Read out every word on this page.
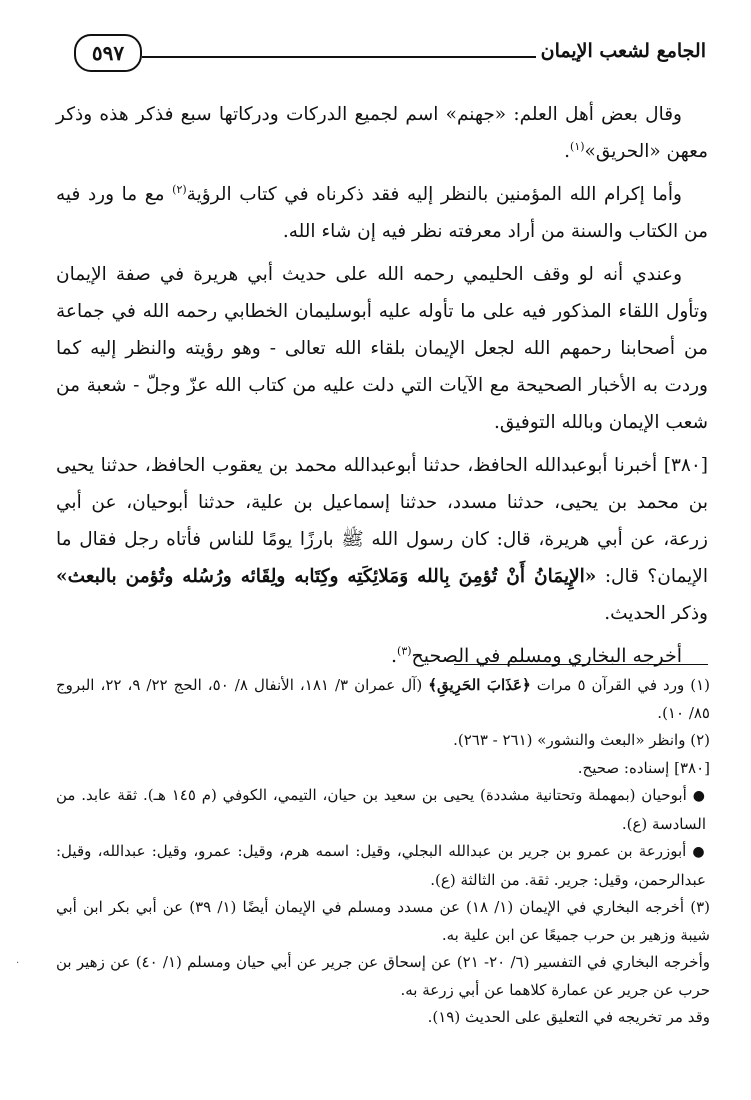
الجامع لشعب الإيمان
٥٩٧

وقال بعض أهل العلم: «جهنم» اسم لجميع الدركات ودركاتها سبع فذكر هذه وذكر معهن «الحريق»$^{(١)}$.

وأما إكرام الله المؤمنين بالنظر إليه فقد ذكرناه في كتاب الرؤية$^{(٢)}$ مع ما ورد فيه من الكتاب والسنة من أراد معرفته نظر فيه إن شاء الله.

وعندي أنه لو وقف الحليمي رحمه الله على حديث أبي هريرة في صفة الإيمان وتأول اللقاء المذكور فيه على ما تأوله عليه أبوسليمان الخطابي رحمه الله في جماعة من أصحابنا رحمهم الله لجعل الإيمان بلقاء الله تعالى - وهو رؤيته والنظر إليه كما وردت به الأخبار الصحيحة مع الآيات التي دلت عليه من كتاب الله عزّ وجلّ - شعبة من شعب الإيمان وبالله التوفيق.

[٣٨٠] أخبرنا أبوعبدالله الحافظ، حدثنا أبوعبدالله محمد بن يعقوب الحافظ، حدثنا يحيى بن محمد بن يحيى، حدثنا مسدد، حدثنا إسماعيل بن علية، حدثنا أبوحيان، عن أبي زرعة، عن أبي هريرة، قال: كان رسول الله ﷺ بارزًا يومًا للناس فأتاه رجل فقال ما الإيمان؟ قال: «الإِيمَانُ أَنْ تُؤمِنَ بِالله وَمَلائِكَتِه وكِتَابه ولِقَائه ورُسُله وتُؤمن بالبعث» وذكر الحديث.

أخرجه البخاري ومسلم في الصحيح$^{(٣)}$.

(١) ورد في القرآن ٥ مرات ﴿عَذَابَ الحَرِيقِ﴾ (آل عمران ٣/ ١٨١، الأنفال ٨/ ٥٠، الحج ٢٢/ ٩، ٢٢، البروج ٨٥/ ١٠).

(٢) وانظر «البعث والنشور» (٢٦١ - ٢٦٣).

[٣٨٠] إسناده: صحيح.

●أبوحيان (بمهملة وتحتانية مشددة) يحيى بن سعيد بن حيان، التيمي، الكوفي (م ١٤٥ هـ). ثقة عابد. من السادسة (ع).

●أبوزرعة بن عمرو بن جرير بن عبدالله البجلي، وقيل: اسمه هرم، وقيل: عمرو، وقيل: عبدالله، وقيل: عبدالرحمن، وقيل: جرير. ثقة. من الثالثة (ع).

(٣) أخرجه البخاري في الإيمان (١/ ١٨) عن مسدد ومسلم في الإيمان أيضًا (١/ ٣٩) عن أبي بكر ابن أبي شيبة وزهير بن حرب جميعًا عن ابن علية به.

وأخرجه البخاري في التفسير (٦/ ٢٠- ٢١) عن إسحاق عن جرير عن أبي حيان ومسلم (١/ ٤٠) عن زهير بن حرب عن جرير عن عمارة كلاهما عن أبي زرعة به.

وقد مر تخريجه في التعليق على الحديث (١٩).

·
